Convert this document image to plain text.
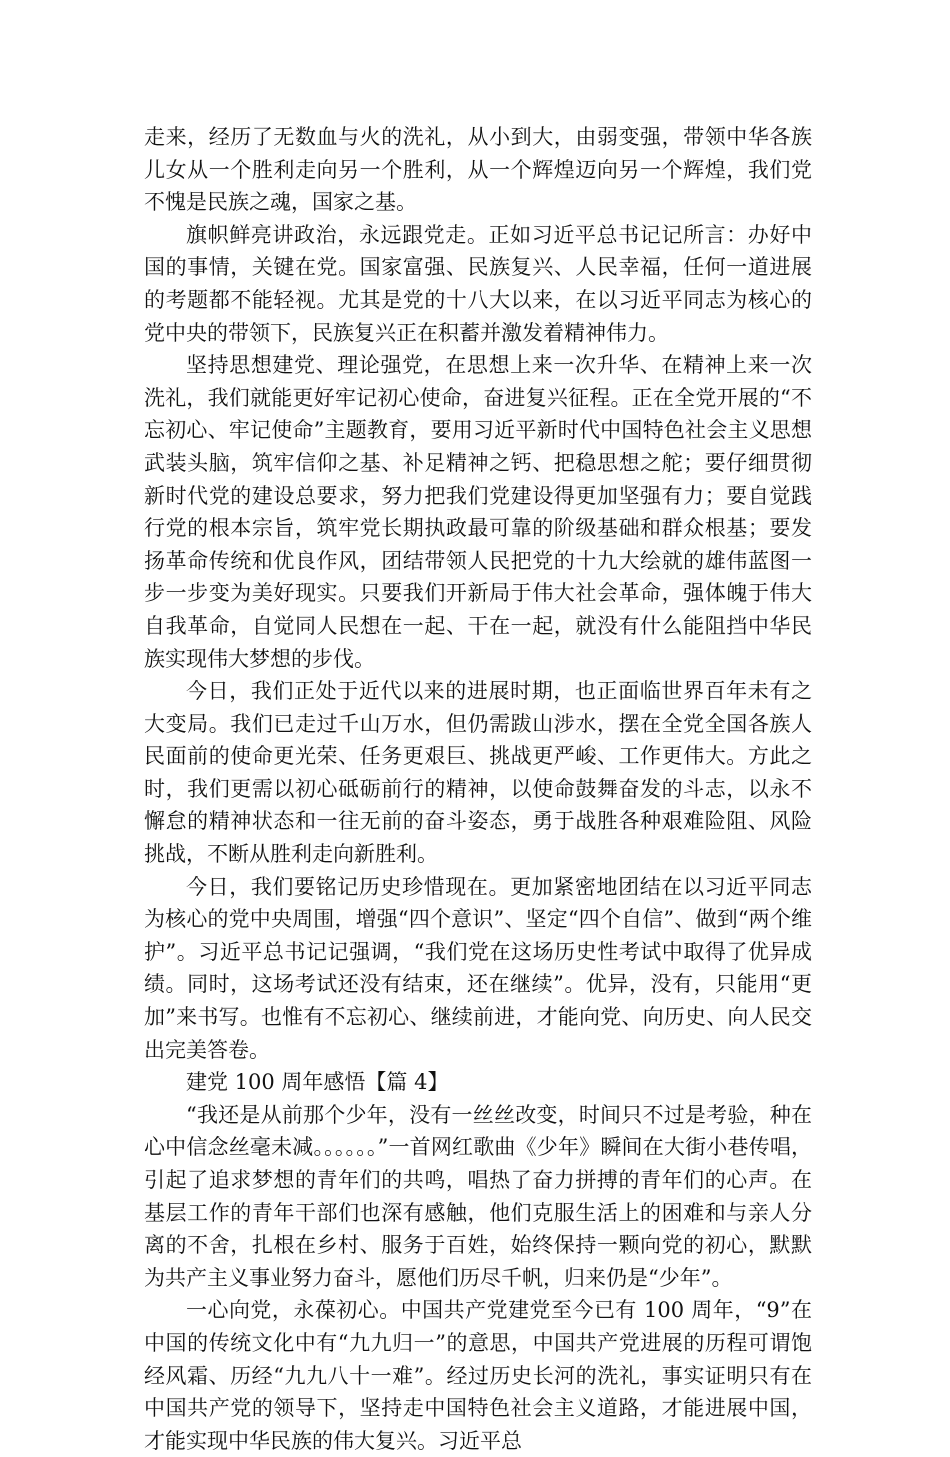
走来，经历了无数血与火的洗礼，从小到大，由弱变强，带领中华各族儿女从一个胜利走向另一个胜利，从一个辉煌迈向另一个辉煌，我们党不愧是民族之魂，国家之基。

旗帜鲜亮讲政治，永远跟党走。正如习近平总书记记所言：办好中国的事情，关键在党。国家富强、民族复兴、人民幸福，任何一道进展的考题都不能轻视。尤其是党的十八大以来，在以习近平同志为核心的党中央的带领下，民族复兴正在积蓄并激发着精神伟力。

坚持思想建党、理论强党，在思想上来一次升华、在精神上来一次洗礼，我们就能更好牢记初心使命，奋进复兴征程。正在全党开展的“不忘初心、牢记使命”主题教育，要用习近平新时代中国特色社会主义思想武装头脑，筑牢信仰之基、补足精神之钙、把稳思想之舵；要仔细贯彻新时代党的建设总要求，努力把我们党建设得更加坚强有力；要自觉践行党的根本宗旨，筑牢党长期执政最可靠的阶级基础和群众根基；要发扬革命传统和优良作风，团结带领人民把党的十九大绘就的雄伟蓝图一步一步变为美好现实。只要我们开新局于伟大社会革命，强体魄于伟大自我革命，自觉同人民想在一起、干在一起，就没有什么能阻挡中华民族实现伟大梦想的步伐。

今日，我们正处于近代以来的进展时期，也正面临世界百年未有之大变局。我们已走过千山万水，但仍需跋山涉水，摆在全党全国各族人民面前的使命更光荣、任务更艰巨、挑战更严峻、工作更伟大。方此之时，我们更需以初心砥砺前行的精神，以使命鼓舞奋发的斗志，以永不懈怠的精神状态和一往无前的奋斗姿态，勇于战胜各种艰难险阻、风险挑战，不断从胜利走向新胜利。

今日，我们要铭记历史珍惜现在。更加紧密地团结在以习近平同志为核心的党中央周围，增强“四个意识”、坚定“四个自信”、做到“两个维护”。习近平总书记记强调，“我们党在这场历史性考试中取得了优异成绩。同时，这场考试还没有结束，还在继续”。优异，没有，只能用“更加”来书写。也惟有不忘初心、继续前进，才能向党、向历史、向人民交出完美答卷。

建党 100 周年感悟【篇 4】

“我还是从前那个少年，没有一丝丝改变，时间只不过是考验，种在心中信念丝毫未减。。。。。。”一首网红歌曲《少年》瞬间在大街小巷传唱，引起了追求梦想的青年们的共鸣，唱热了奋力拼搏的青年们的心声。在基层工作的青年干部们也深有感触，他们克服生活上的困难和与亲人分离的不舍，扎根在乡村、服务于百姓，始终保持一颗向党的初心，默默为共产主义事业努力奋斗，愿他们历尽千帆，归来仍是“少年”。

一心向党，永葆初心。中国共产党建党至今已有 100 周年，“9”在中国的传统文化中有“九九归一”的意思，中国共产党进展的历程可谓饱经风霜、历经“九九八十一难”。经过历史长河的洗礼，事实证明只有在中国共产党的领导下，坚持走中国特色社会主义道路，才能进展中国，才能实现中华民族的伟大复兴。习近平总
